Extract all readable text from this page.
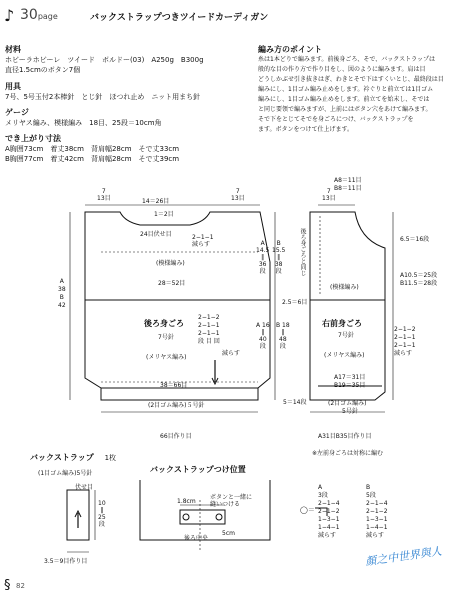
♪ 30page	バックストラップつきツイードカーディガン
材料
ホビーラホビーレ　ツイード　ボルドー(03)　A250g　B300g
直径1.5cmのボタン7個
用具
7号、5号玉付2本棒針　とじ針　ほつれ止め　ニット用まち針
ゲージ
メリヤス編み、模様編み　18目、25段＝10cm角
でき上がり寸法
A胸囲73cm　着丈38cm　背肩幅28cm　そで丈33cm
B胸囲77cm　着丈42cm　背肩幅28cm　そで丈39cm
編み方のポイント
糸は1本どりで編みます。前後身ごろ、そで、バックストラップは
般的な目の作り方で作り目をし、図のように編みます。肩は目
どうしかぶせ引き抜きはぎ、わきとそで下はすくいとじ、最終段は目
編みにし、1目ゴム編み止めをします。衿ぐりと前立ては1目ゴム
編みにし、1目ゴム編み止めをします。前立てを始末し、そでは
と同じ要領で編みますが、上前にはボタン穴をあけて編みます。
そで下をとじてそでを身ごろにつけ、バックストラップを
ます。ボタンをつけて仕上げます。
7
13目	14＝26目
1＝2目
7
13目
24目伏せ目	2−1−1
減らす
(模様編み)
28＝52目
2.5＝6目
後ろ身ごろ
7号針
(メリヤス編み)
2−1−2
2−1−1
2−1−1
段 目 回
減らす
A
38
B
42
A
14.5
‖
36
段
B
15.5
‖
38
段
A 16
‖
40
段
B 18
‖
48
段
38＝66目
(2目ゴム編み)５号針	5＝14段
66目作り目
A8＝11目
B8＝11目
7
13目
6.5＝16段
後ろ身ごろと同じ
(模様編み)
A10.5＝25段
B11.5＝28段
右前身ごろ
7号針
(メリヤス編み)
2−1−2
2−1−1
2−1−1
減らす
A17＝31目
B19＝35目
(2目ゴム編み)
5号針
A31目B35目作り目
※左前身ごろは対称に編む
バックストラップ 1枚
(1目ゴム編み)5号針
伏せ目
10
‖
25
段
3.5＝9目作り目
バックストラップつけ位置
1.8cm
ボタンと一緒に
縫いつける
後ろ中央
5cm
◯＝
A
3段
2−1−4
2−1−2
1−3−1
1−4−1
減らす
B
5段
2−1−4
2−1−2
1−3−1
1−4−1
減らす
顏之中世界與人
§ 82
